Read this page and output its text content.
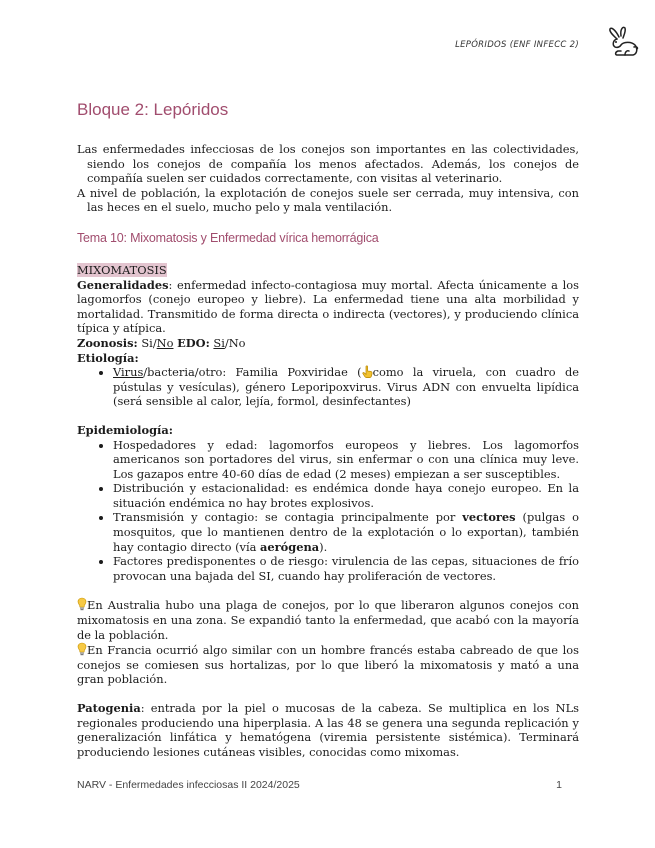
LEPÓRIDOS (ENF INFECC 2)
Bloque 2: Lepóridos

Las enfermedades infecciosas de los conejos son importantes en las colectividades, siendo los conejos de compañía los menos afectados. Además, los conejos de compañía suelen ser cuidados correctamente, con visitas al veterinario.

A nivel de población, la explotación de conejos suele ser cerrada, muy intensiva, con las heces en el suelo, mucho pelo y mala ventilación.

Tema 10: Mixomatosis y Enfermedad vírica hemorrágica

MIXOMATOSIS

Generalidades: enfermedad infecto-contagiosa muy mortal. Afecta únicamente a los lagomorfos (conejo europeo y liebre). La enfermedad tiene una alta morbilidad y mortalidad. Transmitido de forma directa o indirecta (vectores), y produciendo clínica típica y atípica.

Zoonosis: Si/No EDO: Si/No

Etiología:

• Virus/bacteria/otro: Familia Poxviridae ( como la viruela, con cuadro de pústulas y vesículas), género Leporipoxvirus. Virus ADN con envuelta lipídica (será sensible al calor, lejía, formol, desinfectantes)

Epidemiología:

• Hospedadores y edad: lagomorfos europeos y liebres. Los lagomorfos americanos son portadores del virus, sin enfermar o con una clínica muy leve. Los gazapos entre 40-60 días de edad (2 meses) empiezan a ser susceptibles.
• Distribución y estacionalidad: es endémica donde haya conejo europeo. En la situación endémica no hay brotes explosivos.
• Transmisión y contagio: se contagia principalmente por vectores (pulgas o mosquitos, que lo mantienen dentro de la explotación o lo exportan), también hay contagio directo (vía aerógena).
• Factores predisponentes o de riesgo: virulencia de las cepas, situaciones de frío provocan una bajada del SI, cuando hay proliferación de vectores.

En Australia hubo una plaga de conejos, por lo que liberaron algunos conejos con mixomatosis en una zona. Se expandió tanto la enfermedad, que acabó con la mayoría de la población.

En Francia ocurrió algo similar con un hombre francés estaba cabreado de que los conejos se comiesen sus hortalizas, por lo que liberó la mixomatosis y mató a una gran población.

Patogenia: entrada por la piel o mucosas de la cabeza. Se multiplica en los NLs regionales produciendo una hiperplasia. A las 48 se genera una segunda replicación y generalización linfática y hematógena (viremia persistente sistémica). Terminará produciendo lesiones cutáneas visibles, conocidas como mixomas.

NARV - Enfermedades infecciosas II 2024/2025	1
